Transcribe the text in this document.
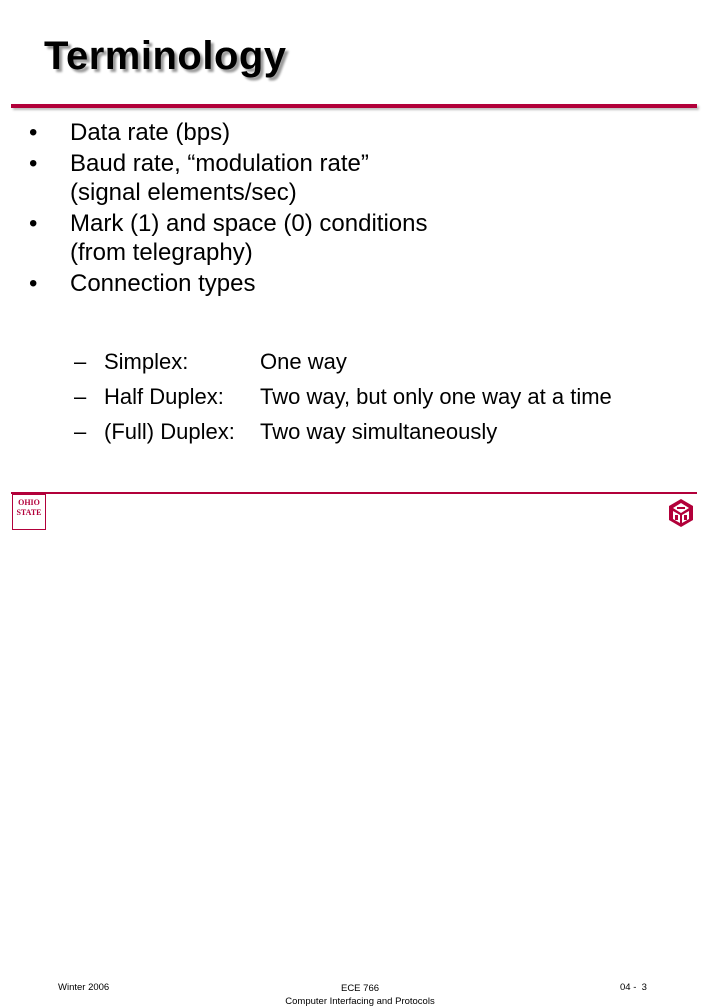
Terminology
•	Data rate (bps)
•	Baud rate, “modulation rate”
(signal elements/sec)
•	Mark (1) and space (0) conditions
(from telegraphy)
•	Connection types
– Simplex:	One way
– Half Duplex: Two way, but only one way at a time
– (Full) Duplex: Two way simultaneously
OHIO
STATE
Winter 2006	ECE 766
Computer Interfacing and Protocols
04 -  3
